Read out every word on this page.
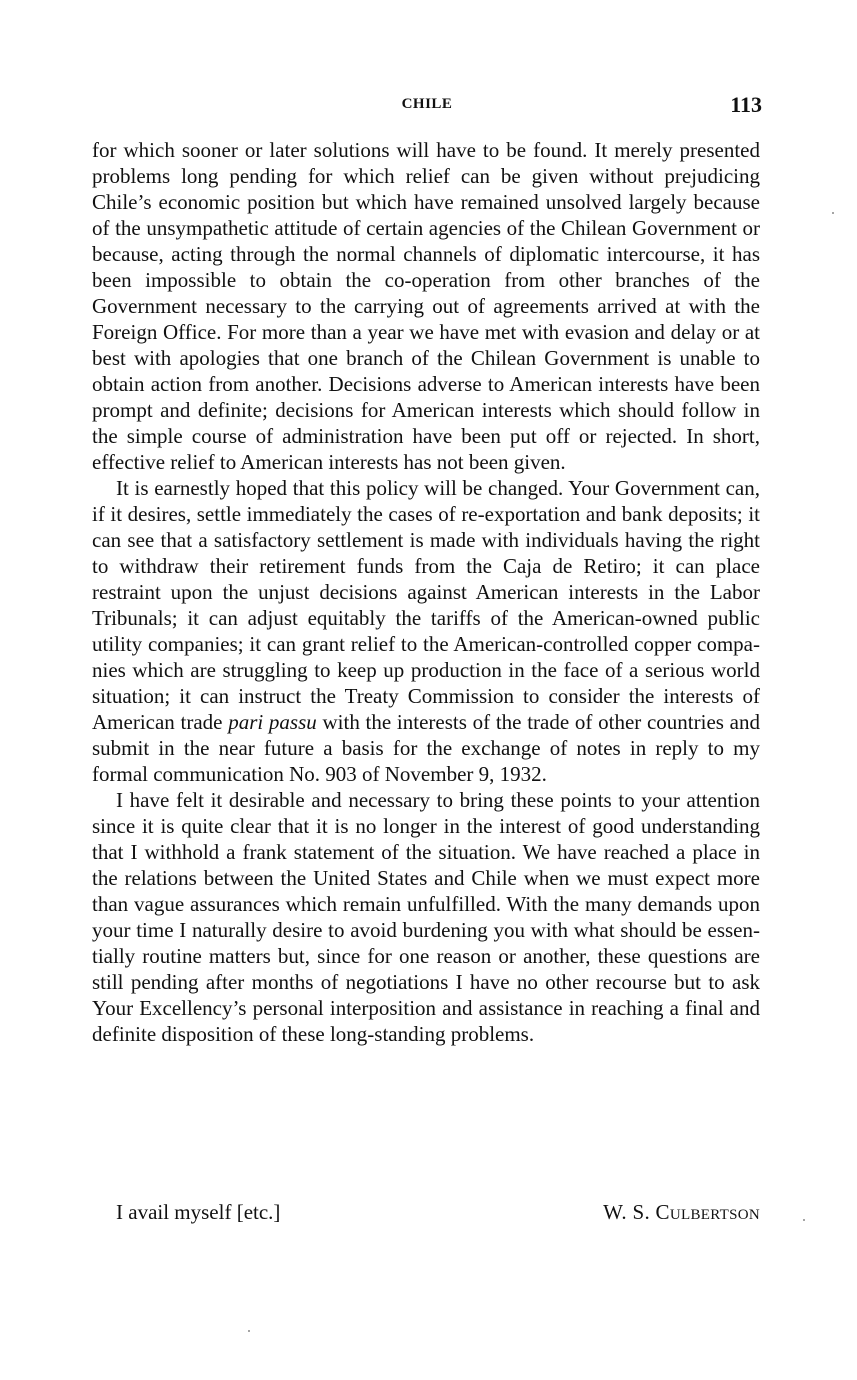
CHILE	113

for which sooner or later solutions will have to be found. It merely presented problems long pending for which relief can be given without prejudicing Chile’s economic position but which have remained unsolved largely because of the unsympathetic attitude of certain agencies of the Chilean Government or because, acting through the normal channels of diplomatic intercourse, it has been impossible to obtain the co-operation from other branches of the Government necessary to the carrying out of agreements arrived at with the Foreign Office. For more than a year we have met with evasion and delay or at best with apologies that one branch of the Chilean Government is unable to obtain action from another. Decisions adverse to American interests have been prompt and definite; decisions for American interests which should follow in the simple course of administration have been put off or rejected. In short, effective relief to American interests has not been given.

It is earnestly hoped that this policy will be changed. Your Government can, if it desires, settle immediately the cases of re-exportation and bank deposits; it can see that a satisfactory settlement is made with individuals having the right to withdraw their retirement funds from the Caja de Retiro; it can place restraint upon the unjust decisions against American interests in the Labor Tribunals; it can adjust equitably the tariffs of the American-owned public utility companies; it can grant relief to the American-controlled copper companies which are struggling to keep up production in the face of a serious world situation; it can instruct the Treaty Commission to consider the interests of American trade pari passu with the interests of the trade of other countries and submit in the near future a basis for the exchange of notes in reply to my formal communication No. 903 of November 9, 1932.

I have felt it desirable and necessary to bring these points to your attention since it is quite clear that it is no longer in the interest of good understanding that I withhold a frank statement of the situation. We have reached a place in the relations between the United States and Chile when we must expect more than vague assurances which remain unfulfilled. With the many demands upon your time I naturally desire to avoid burdening you with what should be essentially routine matters but, since for one reason or another, these questions are still pending after months of negotiations I have no other recourse but to ask Your Excellency’s personal interposition and assistance in reaching a final and definite disposition of these long-standing problems.

I avail myself [etc.]	W. S. Culbertson
